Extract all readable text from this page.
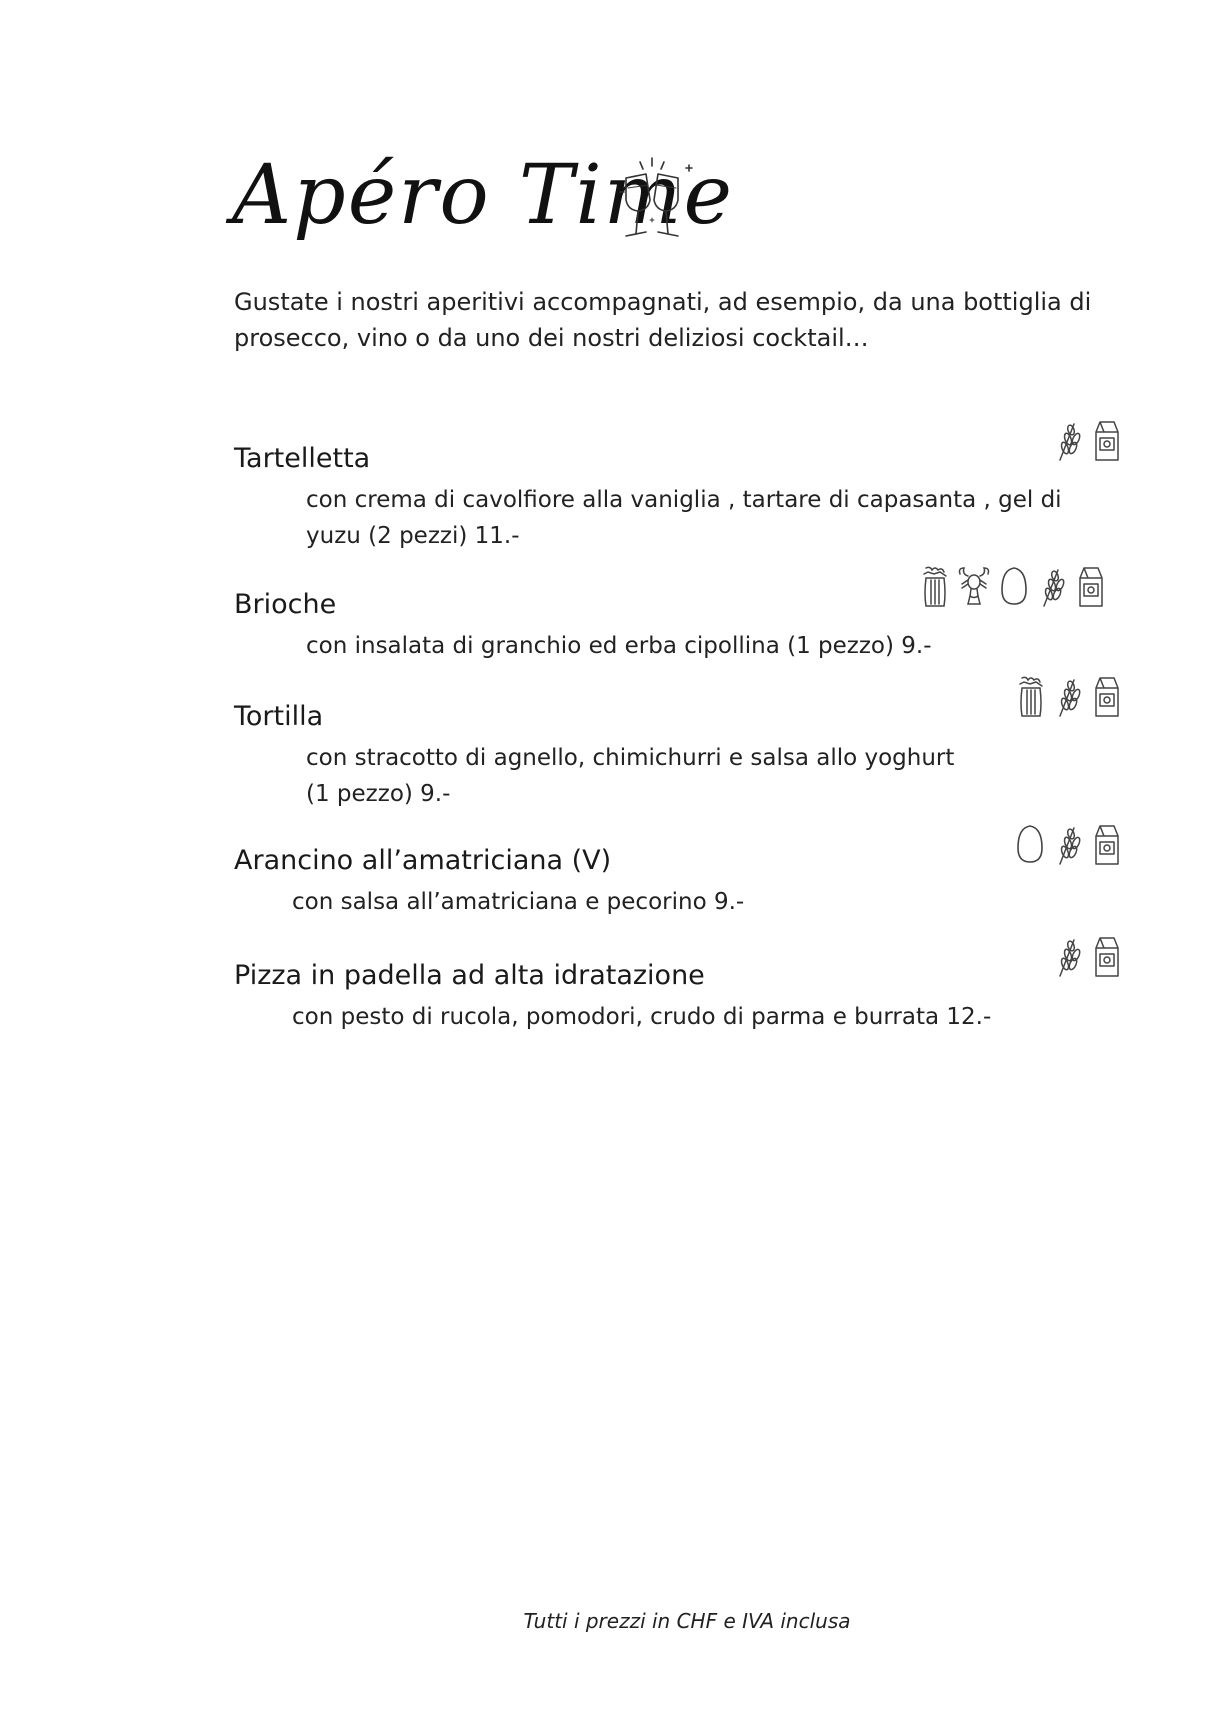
Apéro Time
Gustate i nostri aperitivi accompagnati, ad esempio, da una bottiglia di prosecco, vino o da uno dei nostri deliziosi cocktail…
Tartelletta
con crema di cavolfiore alla vaniglia , tartare di capasanta , gel di
yuzu (2 pezzi) 11.-
Brioche
con insalata di granchio ed erba cipollina (1 pezzo) 9.-
Tortilla
con stracotto di agnello, chimichurri e salsa allo yoghurt
(1 pezzo) 9.-
Arancino all’amatriciana (V)
con salsa all’amatriciana e pecorino 9.-
Pizza in padella ad alta idratazione
con pesto di rucola, pomodori, crudo di parma e burrata 12.-
Tutti i prezzi in CHF e IVA inclusa
